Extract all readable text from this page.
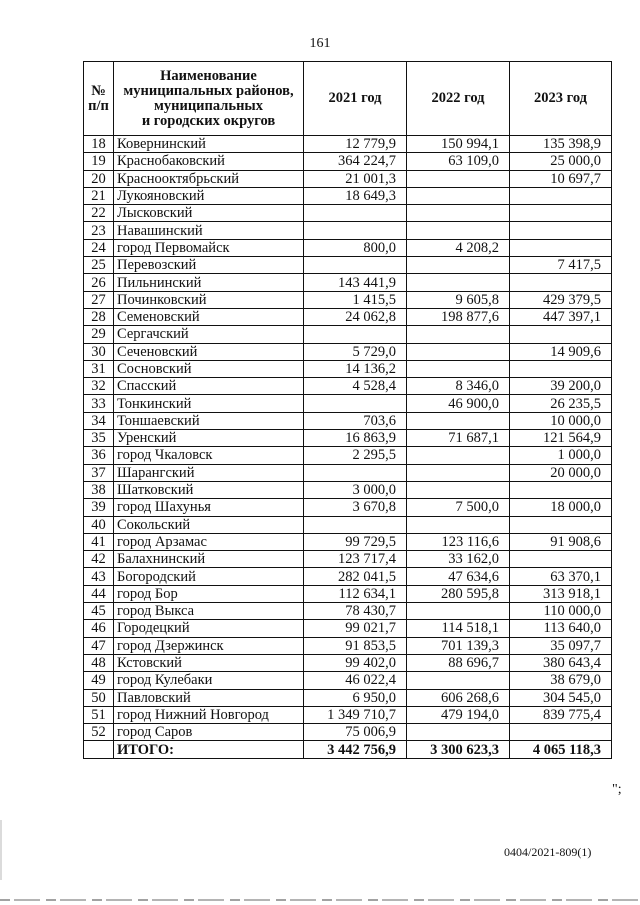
161
№
п/п	Наименование
муниципальных районов,
муниципальных
и городских округов	2021 год	2022 год	2023 год
18	Ковернинский	12 779,9	150 994,1	135 398,9
19	Краснобаковский	364 224,7	63 109,0	25 000,0
20	Краснооктябрьский	21 001,3		10 697,7
21	Лукояновский	18 649,3		
22	Лысковский			
23	Навашинский			
24	город Первомайск	800,0	4 208,2	
25	Перевозский			7 417,5
26	Пильнинский	143 441,9		
27	Починковский	1 415,5	9 605,8	429 379,5
28	Семеновский	24 062,8	198 877,6	447 397,1
29	Сергачский			
30	Сеченовский	5 729,0		14 909,6
31	Сосновский	14 136,2		
32	Спасский	4 528,4	8 346,0	39 200,0
33	Тонкинский		46 900,0	26 235,5
34	Тоншаевский	703,6		10 000,0
35	Уренский	16 863,9	71 687,1	121 564,9
36	город Чкаловск	2 295,5		1 000,0
37	Шарангский			20 000,0
38	Шатковский	3 000,0		
39	город Шахунья	3 670,8	7 500,0	18 000,0
40	Сокольский			
41	город Арзамас	99 729,5	123 116,6	91 908,6
42	Балахнинский	123 717,4	33 162,0	
43	Богородский	282 041,5	47 634,6	63 370,1
44	город Бор	112 634,1	280 595,8	313 918,1
45	город Выкса	78 430,7		110 000,0
46	Городецкий	99 021,7	114 518,1	113 640,0
47	город Дзержинск	91 853,5	701 139,3	35 097,7
48	Кстовский	99 402,0	88 696,7	380 643,4
49	город Кулебаки	46 022,4		38 679,0
50	Павловский	6 950,0	606 268,6	304 545,0
51	город Нижний Новгород	1 349 710,7	479 194,0	839 775,4
52	город Саров	75 006,9		
	ИТОГО:	3 442 756,9	3 300 623,3	4 065 118,3
";
0404/2021-809(1)
